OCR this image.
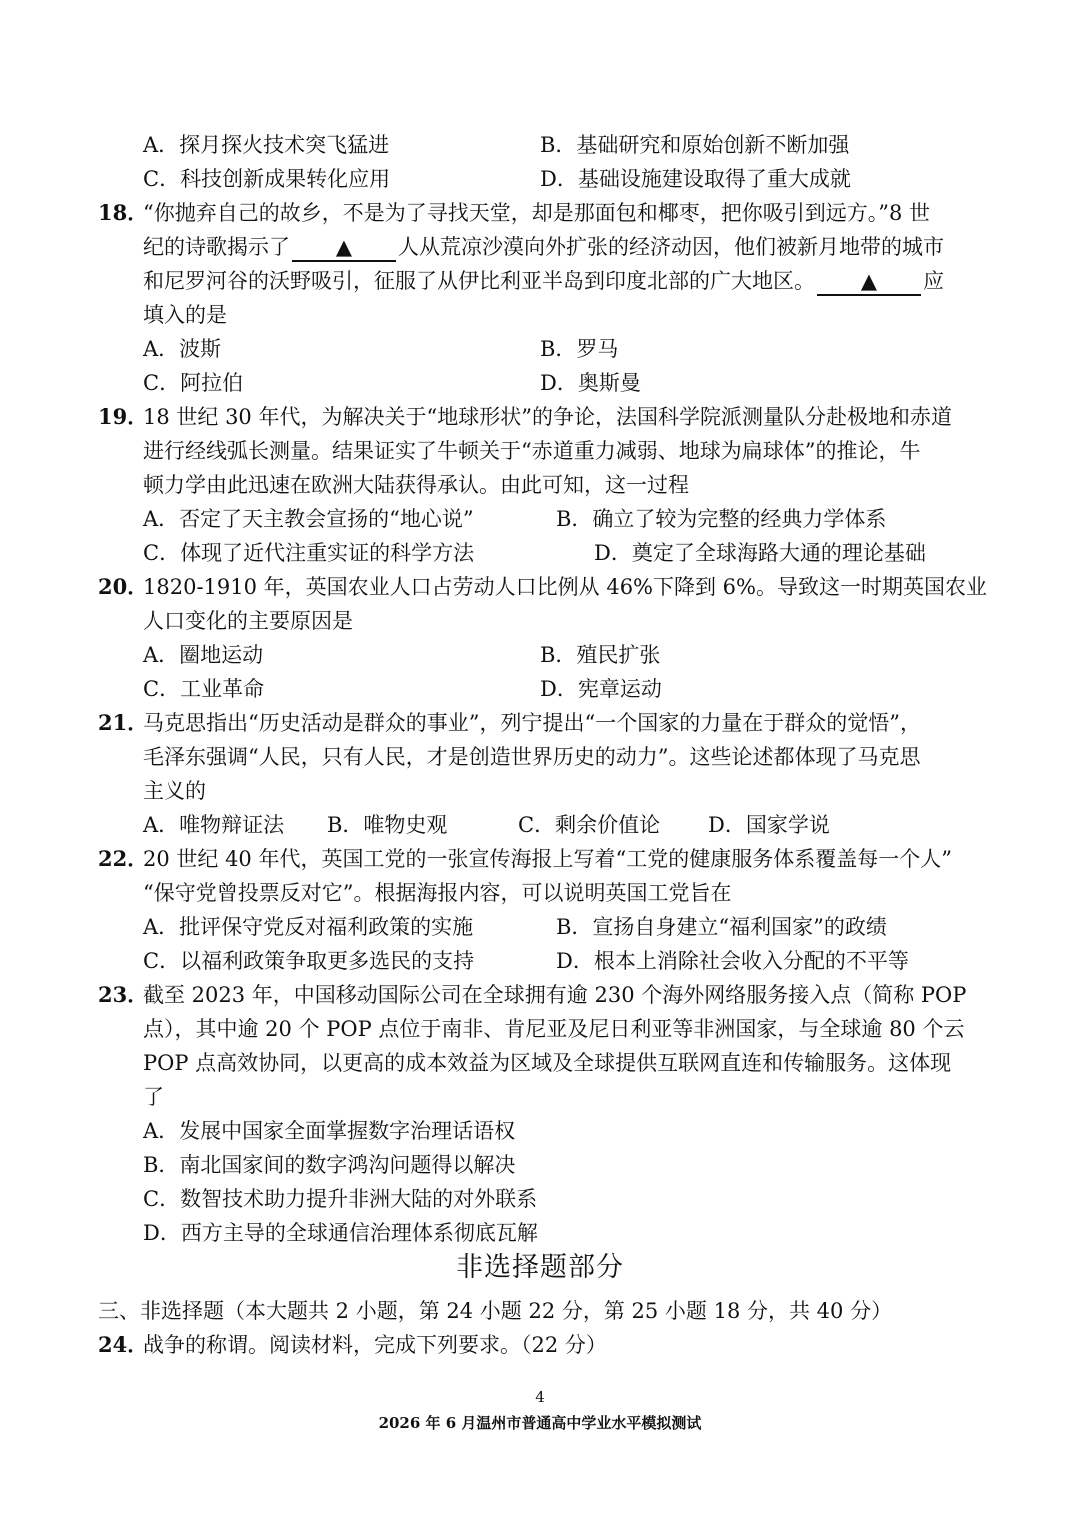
A．探月探火技术突飞猛进	B．基础研究和原始创新不断加强
C．科技创新成果转化应用	D．基础设施建设取得了重大成就
18．
“你抛弃自己的故乡，不是为了寻找天堂，却是那面包和椰枣，把你吸引到远方。”8 世
纪的诗歌揭示了 ▲ 人从荒凉沙漠向外扩张的经济动因，他们被新月地带的城市
和尼罗河谷的沃野吸引，征服了从伊比利亚半岛到印度北部的广大地区。 ▲ 应
填入的是
A．波斯	B．罗马
C．阿拉伯	D．奥斯曼
19．
18 世纪 30 年代，为解决关于“地球形状”的争论，法国科学院派测量队分赴极地和赤道
进行经线弧长测量。结果证实了牛顿关于“赤道重力减弱、地球为扁球体”的推论，牛
顿力学由此迅速在欧洲大陆获得承认。由此可知，这一过程
A．否定了天主教会宣扬的“地心说”	B．确立了较为完整的经典力学体系
C．体现了近代注重实证的科学方法	D．奠定了全球海路大通的理论基础
20．
1820-1910 年，英国农业人口占劳动人口比例从 46%下降到 6%。导致这一时期英国农业
人口变化的主要原因是
A．圈地运动	B．殖民扩张
C．工业革命	D．宪章运动
21．
马克思指出“历史活动是群众的事业”，列宁提出“一个国家的力量在于群众的觉悟”，
毛泽东强调“人民，只有人民，才是创造世界历史的动力”。这些论述都体现了马克思
主义的
A．唯物辩证法 B．唯物史观	C．剩余价值论 D．国家学说
22．
20 世纪 40 年代，英国工党的一张宣传海报上写着“工党的健康服务体系覆盖每一个人”
“保守党曾投票反对它”。根据海报内容，可以说明英国工党旨在
A．批评保守党反对福利政策的实施	B．宣扬自身建立“福利国家”的政绩
C．以福利政策争取更多选民的支持	D．根本上消除社会收入分配的不平等
23．
截至 2023 年，中国移动国际公司在全球拥有逾 230 个海外网络服务接入点（简称 POP
点），其中逾 20 个 POP 点位于南非、肯尼亚及尼日利亚等非洲国家，与全球逾 80 个云
POP 点高效协同，以更高的成本效益为区域及全球提供互联网直连和传输服务。这体现
了
A．发展中国家全面掌握数字治理话语权
B．南北国家间的数字鸿沟问题得以解决
C．数智技术助力提升非洲大陆的对外联系
D．西方主导的全球通信治理体系彻底瓦解
非选择题部分
三、非选择题（本大题共 2 小题，第 24 小题 22 分，第 25 小题 18 分，共 40 分）
24．
战争的称谓。阅读材料，完成下列要求。（22 分）
4
2026 年 6 月温州市普通高中学业水平模拟测试
